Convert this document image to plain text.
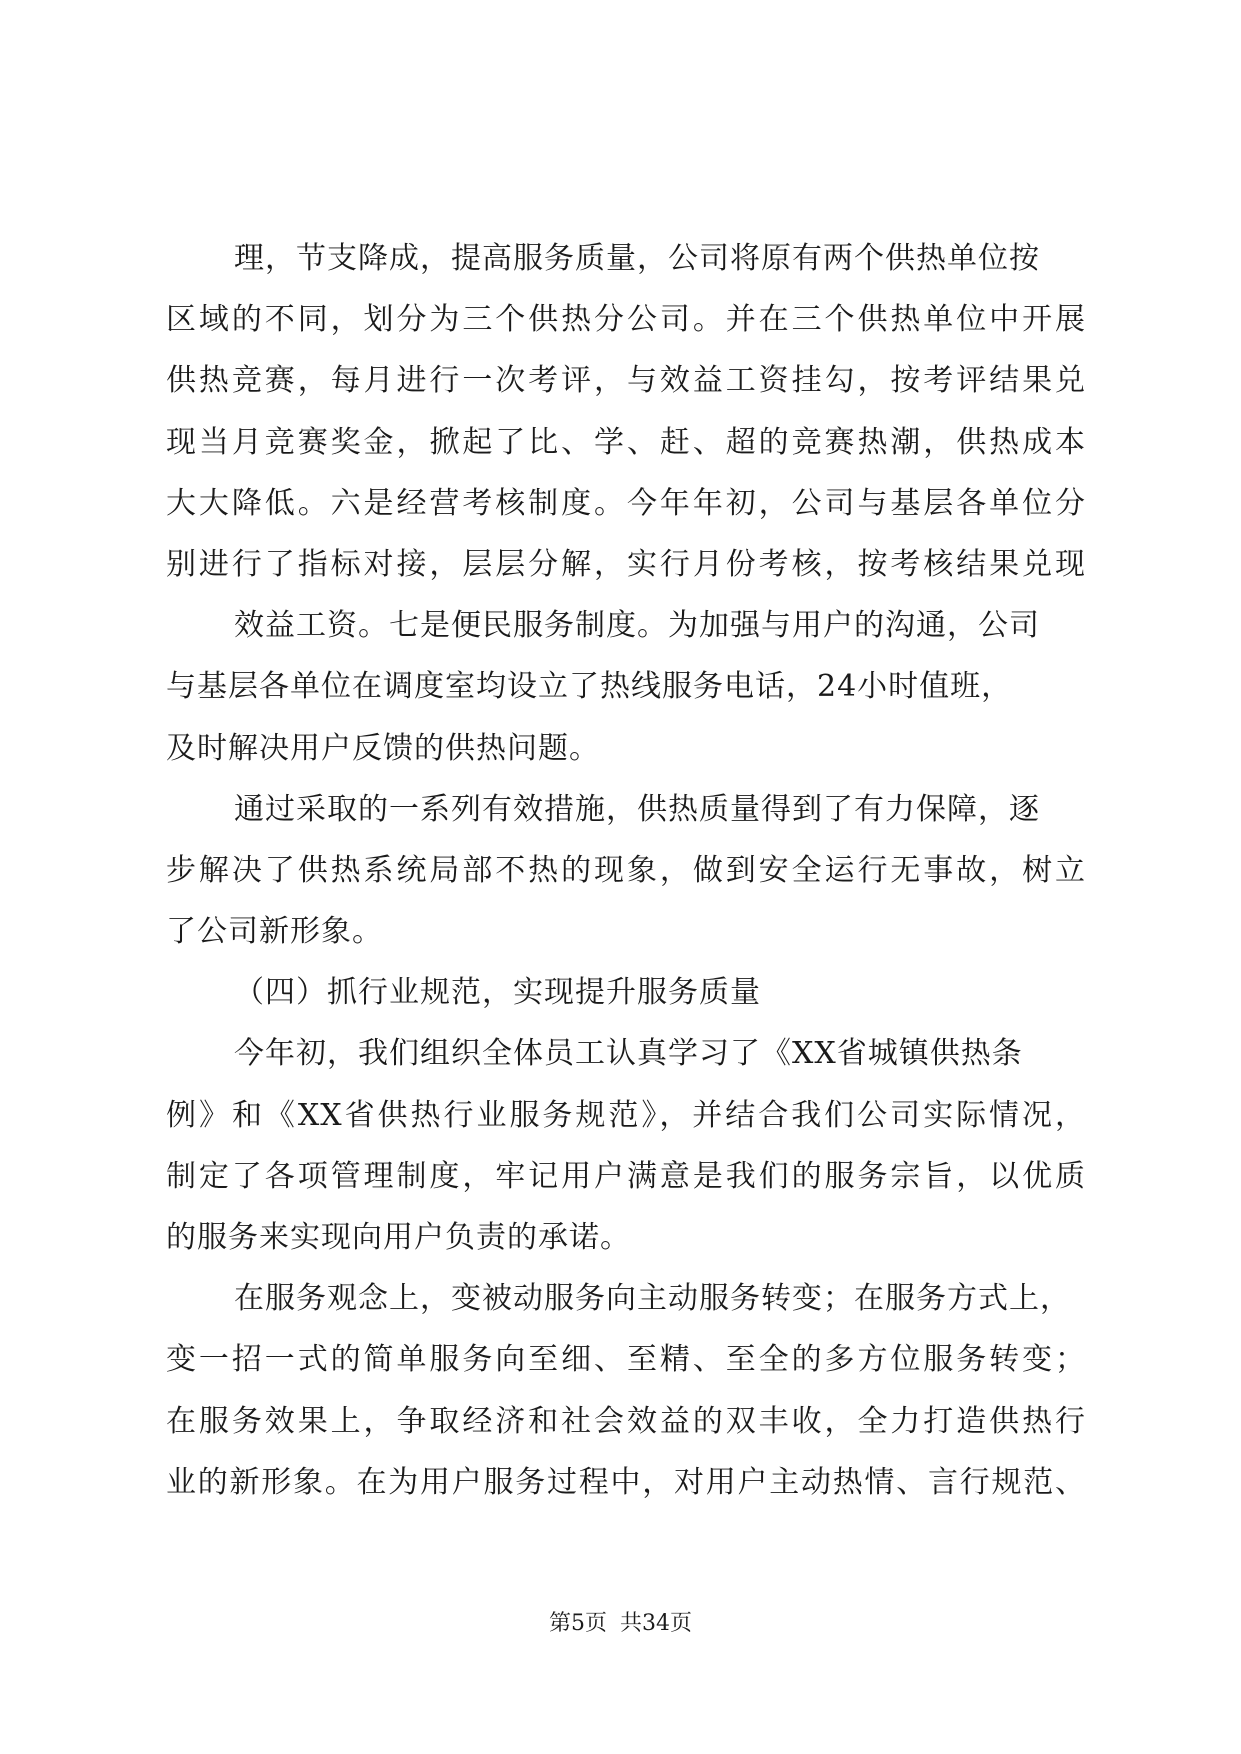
理，节支降成，提高服务质量，公司将原有两个供热单位按
区域的不同，划分为三个供热分公司。并在三个供热单位中开展
供热竞赛，每月进行一次考评，与效益工资挂勾，按考评结果兑
现当月竞赛奖金，掀起了比、学、赶、超的竞赛热潮，供热成本
大大降低。六是经营考核制度。今年年初，公司与基层各单位分
别进行了指标对接，层层分解，实行月份考核，按考核结果兑现
效益工资。七是便民服务制度。为加强与用户的沟通，公司
与基层各单位在调度室均设立了热线服务电话，24小时值班，
及时解决用户反馈的供热问题。
通过采取的一系列有效措施，供热质量得到了有力保障，逐
步解决了供热系统局部不热的现象，做到安全运行无事故，树立
了公司新形象。
（四）抓行业规范，实现提升服务质量
今年初，我们组织全体员工认真学习了《XX省城镇供热条
例》和《XX省供热行业服务规范》，并结合我们公司实际情况，
制定了各项管理制度，牢记用户满意是我们的服务宗旨，以优质
的服务来实现向用户负责的承诺。
在服务观念上，变被动服务向主动服务转变；在服务方式上，
变一招一式的简单服务向至细、至精、至全的多方位服务转变；
在服务效果上，争取经济和社会效益的双丰收，全力打造供热行
业的新形象。在为用户服务过程中，对用户主动热情、言行规范、
第5页 共34页
